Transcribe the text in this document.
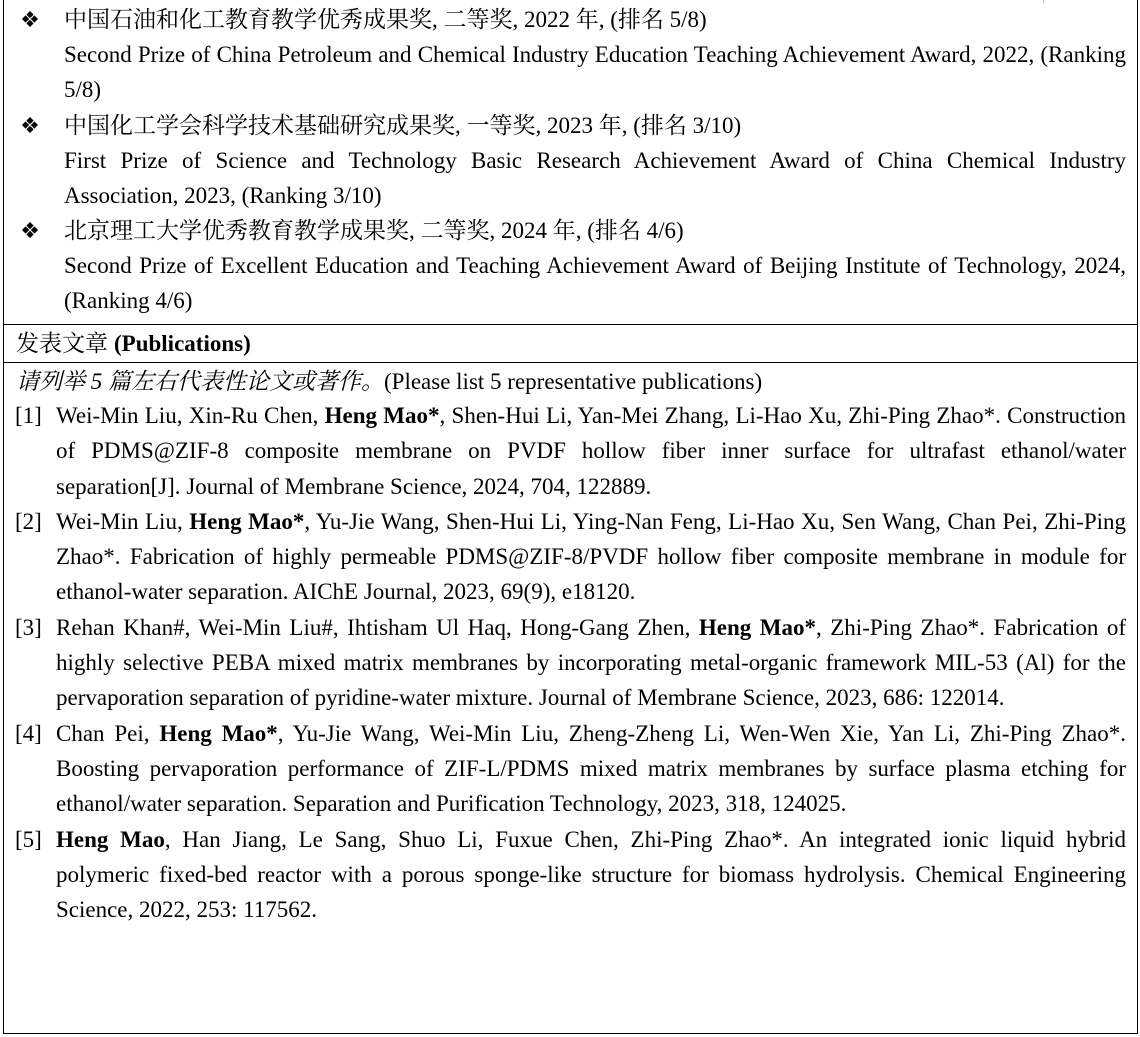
❖	中国石油和化工教育教学优秀成果奖, 二等奖, 2022 年, (排名 5/8)
Second Prize of China Petroleum and Chemical Industry Education Teaching Achievement Award, 2022, (Ranking 5/8)
❖	中国化工学会科学技术基础研究成果奖, 一等奖, 2023 年, (排名 3/10)
First Prize of Science and Technology Basic Research Achievement Award of China Chemical Industry Association, 2023, (Ranking 3/10)
❖	北京理工大学优秀教育教学成果奖, 二等奖, 2024 年, (排名 4/6)
Second Prize of Excellent Education and Teaching Achievement Award of Beijing Institute of Technology, 2024, (Ranking 4/6)
发表文章 (Publications)
请列举 5 篇左右代表性论文或著作。(Please list 5 representative publications)
[1] Wei-Min Liu, Xin-Ru Chen, Heng Mao*, Shen-Hui Li, Yan-Mei Zhang, Li-Hao Xu, Zhi-Ping Zhao*. Construction of PDMS@ZIF-8 composite membrane on PVDF hollow fiber inner surface for ultrafast ethanol/water separation[J]. Journal of Membrane Science, 2024, 704, 122889.
[2] Wei-Min Liu, Heng Mao*, Yu-Jie Wang, Shen-Hui Li, Ying-Nan Feng, Li-Hao Xu, Sen Wang, Chan Pei, Zhi-Ping Zhao*. Fabrication of highly permeable PDMS@ZIF-8/PVDF hollow fiber composite membrane in module for ethanol-water separation. AIChE Journal, 2023, 69(9), e18120.
[3] Rehan Khan#, Wei-Min Liu#, Ihtisham Ul Haq, Hong-Gang Zhen, Heng Mao*, Zhi-Ping Zhao*. Fabrication of highly selective PEBA mixed matrix membranes by incorporating metal-organic framework MIL-53 (Al) for the pervaporation separation of pyridine-water mixture. Journal of Membrane Science, 2023, 686: 122014.
[4] Chan Pei, Heng Mao*, Yu-Jie Wang, Wei-Min Liu, Zheng-Zheng Li, Wen-Wen Xie, Yan Li, Zhi-Ping Zhao*. Boosting pervaporation performance of ZIF-L/PDMS mixed matrix membranes by surface plasma etching for ethanol/water separation. Separation and Purification Technology, 2023, 318, 124025.
[5] Heng Mao, Han Jiang, Le Sang, Shuo Li, Fuxue Chen, Zhi-Ping Zhao*. An integrated ionic liquid hybrid polymeric fixed-bed reactor with a porous sponge-like structure for biomass hydrolysis. Chemical Engineering Science, 2022, 253: 117562.
